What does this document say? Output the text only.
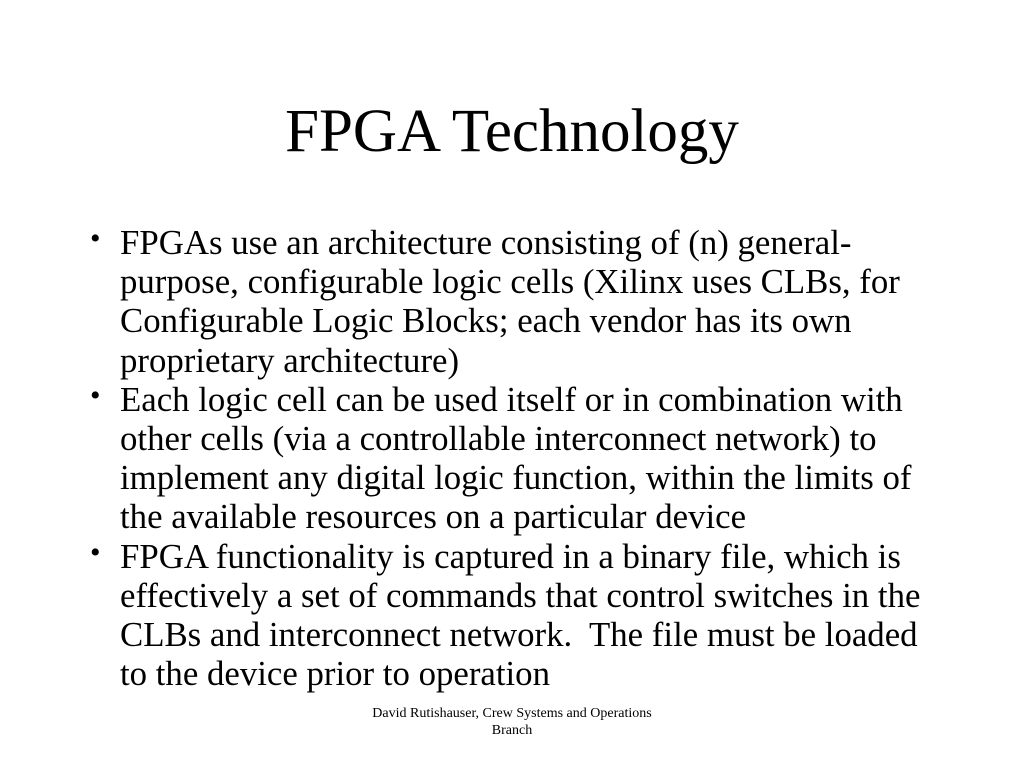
FPGA Technology
• FPGAs use an architecture consisting of (n) general-purpose, configurable logic cells (Xilinx uses CLBs, for Configurable Logic Blocks; each vendor has its own proprietary architecture)
• Each logic cell can be used itself or in combination with other cells (via a controllable interconnect network) to implement any digital logic function, within the limits of the available resources on a particular device
• FPGA functionality is captured in a binary file, which is effectively a set of commands that control switches in the CLBs and interconnect network.  The file must be loaded to the device prior to operation
David Rutishauser, Crew Systems and Operations
Branch
